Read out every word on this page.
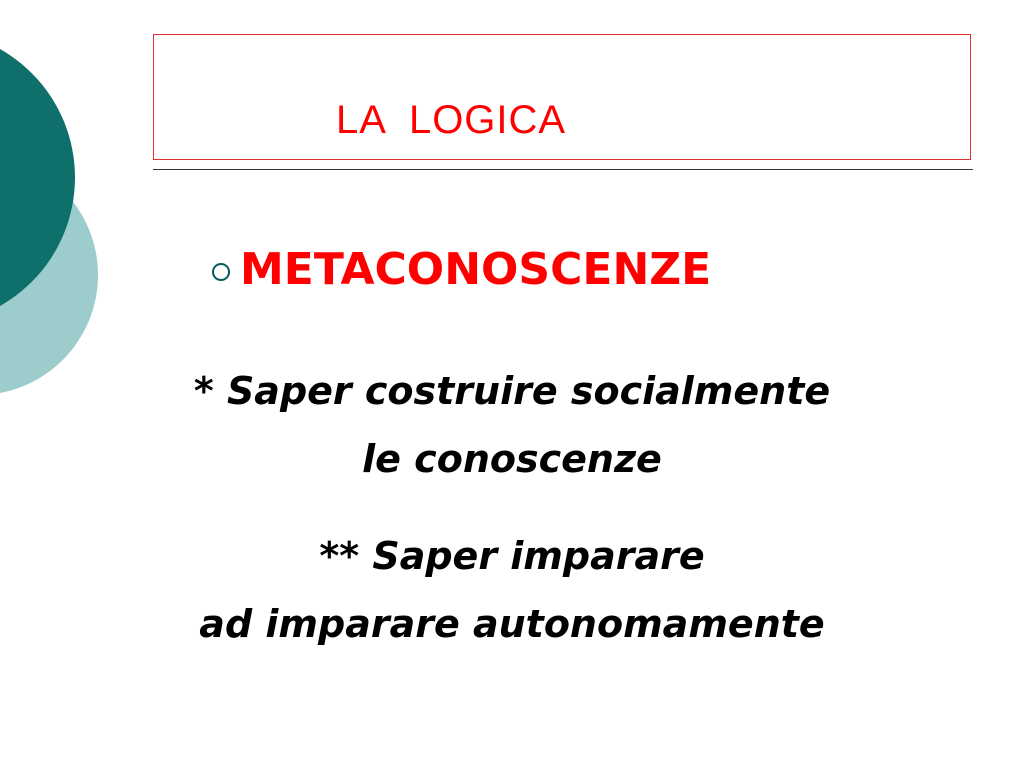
LA  LOGICA
METACONOSCENZE
* Saper costruire socialmente
le conoscenze
** Saper imparare
ad imparare autonomamente
